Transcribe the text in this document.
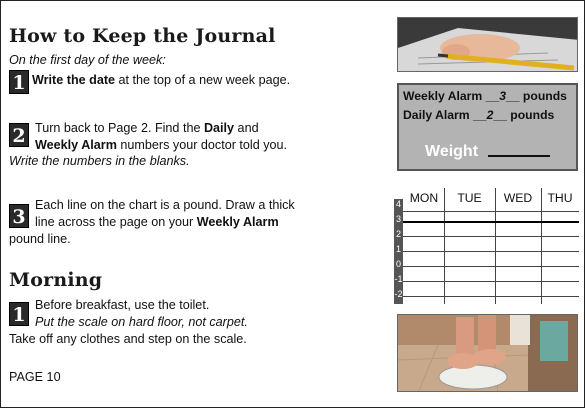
How to Keep the Journal
On the first day of the week:
1 Write the date at the top of a new week page.
2 Turn back to Page 2. Find the Daily and
Weekly Alarm numbers your doctor told you.
Write the numbers in the blanks.
3
Each line on the chart is a pound. Draw a thick
line across the page on your Weekly Alarm
pound line.
Morning
1 Before breakfast, use the toilet.
Put the scale on hard floor, not carpet.
Take off any clothes and step on the scale.
PAGE 10
Weekly Alarm __3__ pounds
Daily Alarm __2__ pounds
Weight
MON	TUE	WED	THU
4
3
2
1
0
-1
-2
